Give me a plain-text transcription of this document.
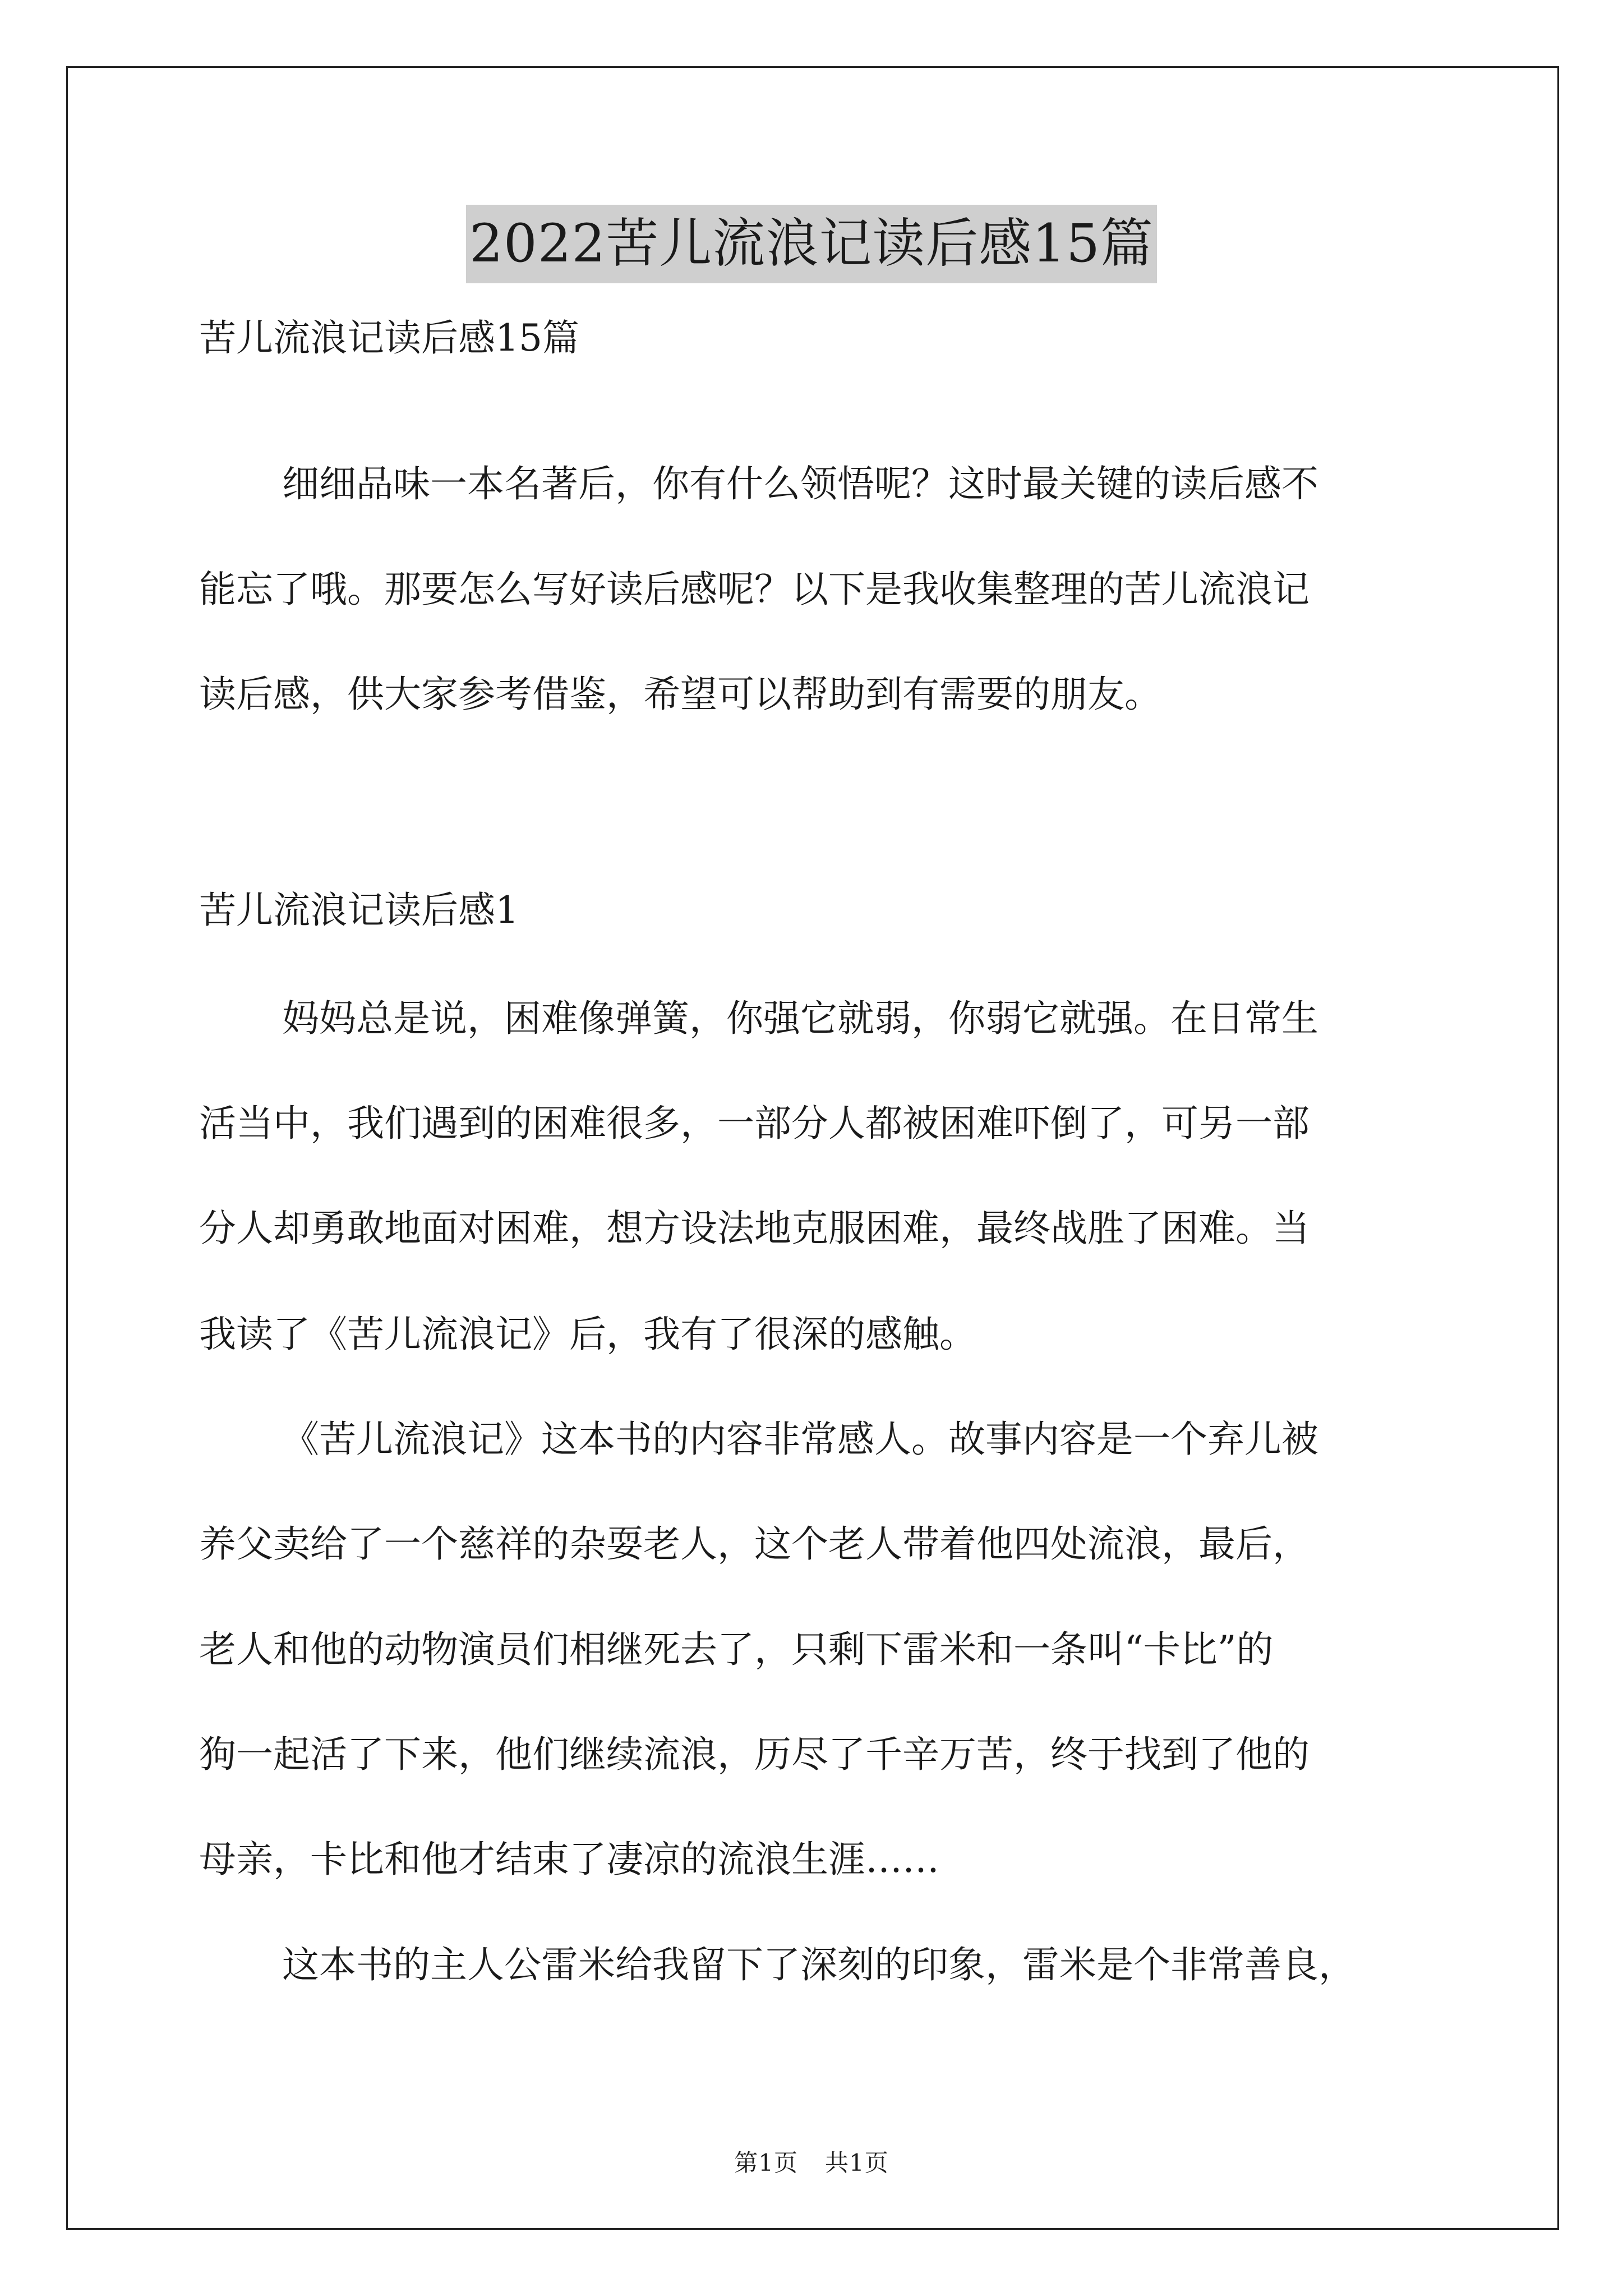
2022苦儿流浪记读后感15篇
苦儿流浪记读后感15篇
细细品味一本名著后，你有什么领悟呢？这时最关键的读后感不
能忘了哦。那要怎么写好读后感呢？以下是我收集整理的苦儿流浪记
读后感，供大家参考借鉴，希望可以帮助到有需要的朋友。
苦儿流浪记读后感1
妈妈总是说，困难像弹簧，你强它就弱，你弱它就强。在日常生
活当中，我们遇到的困难很多，一部分人都被困难吓倒了，可另一部
分人却勇敢地面对困难，想方设法地克服困难，最终战胜了困难。当
我读了《苦儿流浪记》后，我有了很深的感触。
《苦儿流浪记》这本书的内容非常感人。故事内容是一个弃儿被
养父卖给了一个慈祥的杂耍老人，这个老人带着他四处流浪，最后，
老人和他的动物演员们相继死去了，只剩下雷米和一条叫“卡比”的
狗一起活了下来，他们继续流浪，历尽了千辛万苦，终于找到了他的
母亲，卡比和他才结束了凄凉的流浪生涯……
这本书的主人公雷米给我留下了深刻的印象，雷米是个非常善良，
第1页 共1页
